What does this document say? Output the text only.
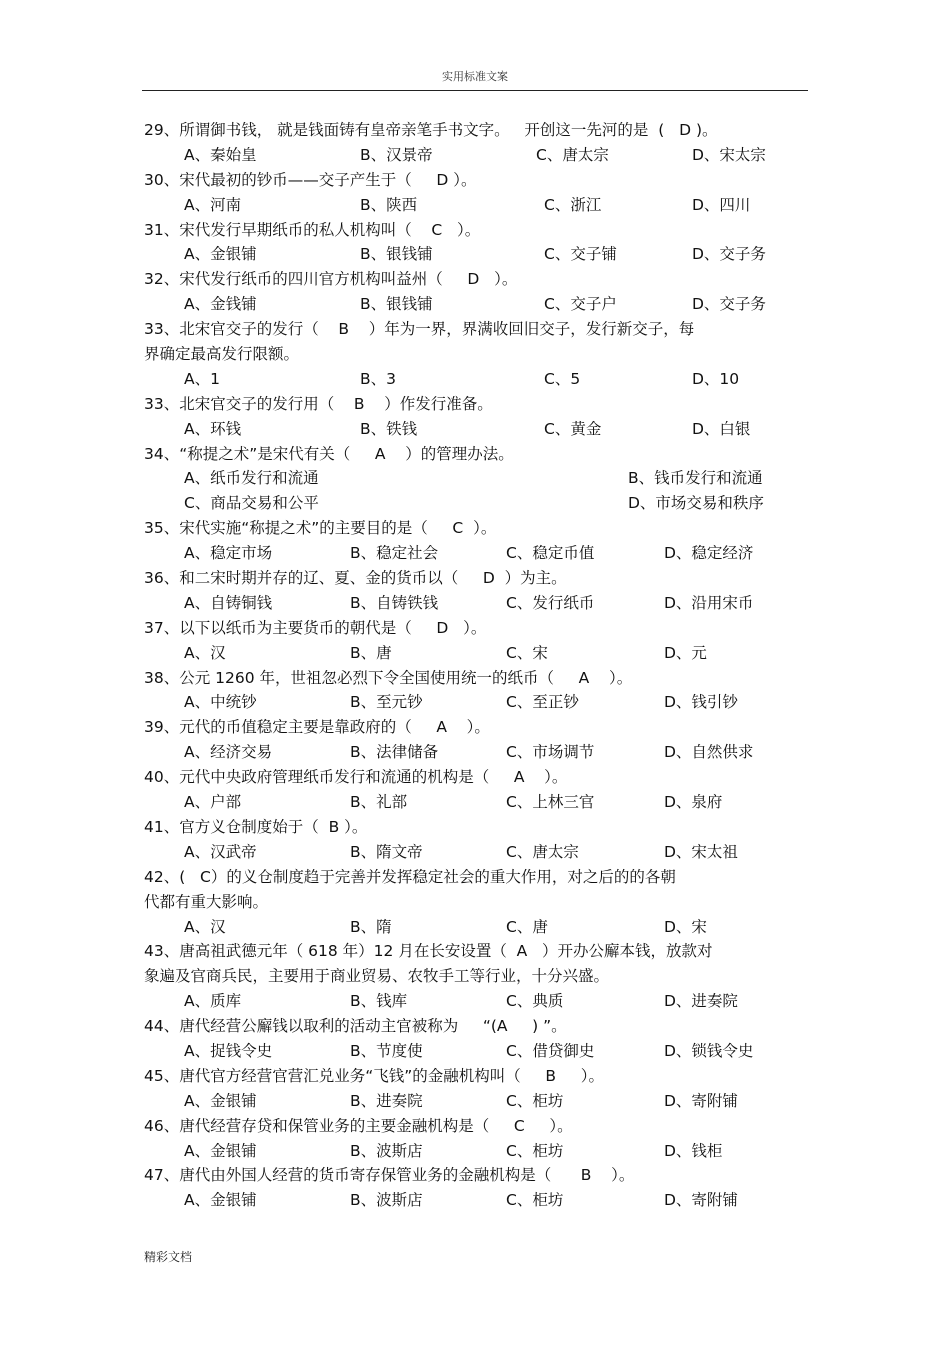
实用标准文案
29、所谓御书钱， 就是钱面铸有皇帝亲笔手书文字。   开创这一先河的是  (   D )。
A、秦始皇	B、汉景帝	C、唐太宗	D、宋太宗
30、宋代最初的钞币——交子产生于（     D ）。
A、河南	B、陕西	C、浙江	D、四川
31、宋代发行早期纸币的私人机构叫（    C   ）。
A、金银铺	B、银钱铺	C、交子铺	D、交子务
32、宋代发行纸币的四川官方机构叫益州（     D   ）。
A、金钱铺	B、银钱铺	C、交子户	D、交子务
33、北宋官交子的发行（    B    ）年为一界，界满收回旧交子，发行新交子，每
界确定最高发行限额。
A、1	B、3	C、5	D、10
33、北宋官交子的发行用（    B    ）作发行准备。
A、环钱	B、铁钱	C、黄金	D、白银
34、“称提之术”是宋代有关（     A    ）的管理办法。
A、纸币发行和流通	B、钱币发行和流通
C、商品交易和公平	D、市场交易和秩序
35、宋代实施“称提之术”的主要目的是（     C  ）。
A、稳定市场	B、稳定社会	C、稳定币值	D、稳定经济
36、和二宋时期并存的辽、夏、金的货币以（     D  ）为主。
A、自铸铜钱	B、自铸铁钱	C、发行纸币	D、沿用宋币
37、以下以纸币为主要货币的朝代是（     D   ）。
A、汉	B、唐	C、宋	D、元
38、公元 1260 年，世祖忽必烈下令全国使用统一的纸币（     A    ）。
A、中统钞	B、至元钞	C、至正钞	D、钱引钞
39、元代的币值稳定主要是靠政府的（     A    ）。
A、经济交易	B、法律储备	C、市场调节	D、自然供求
40、元代中央政府管理纸币发行和流通的机构是（     A    ）。
A、户部	B、礼部	C、上林三官	D、泉府
41、官方义仓制度始于（  B ）。
A、汉武帝	B、隋文帝	C、唐太宗	D、宋太祖
42、(   C）的义仓制度趋于完善并发挥稳定社会的重大作用，对之后的的各朝
代都有重大影响。
A、汉	B、隋	C、唐	D、宋
43、唐高祖武德元年（ 618 年）12 月在长安设置（  A   ）开办公廨本钱，放款对
象遍及官商兵民，主要用于商业贸易、农牧手工等行业，十分兴盛。
A、质库	B、钱库	C、典质	D、进奏院
44、唐代经营公廨钱以取利的活动主官被称为     “(A     ) ”。
A、捉钱令史	B、节度使	C、借贷御史	D、锁钱令史
45、唐代官方经营官营汇兑业务“飞钱”的金融机构叫（     B     ）。
A、金银铺	B、进奏院	C、柜坊	D、寄附铺
46、唐代经营存贷和保管业务的主要金融机构是（     C     ）。
A、金银铺	B、波斯店	C、柜坊	D、钱柜
47、唐代由外国人经营的货币寄存保管业务的金融机构是（      B    ）。
A、金银铺	B、波斯店	C、柜坊	D、寄附铺
精彩文档
